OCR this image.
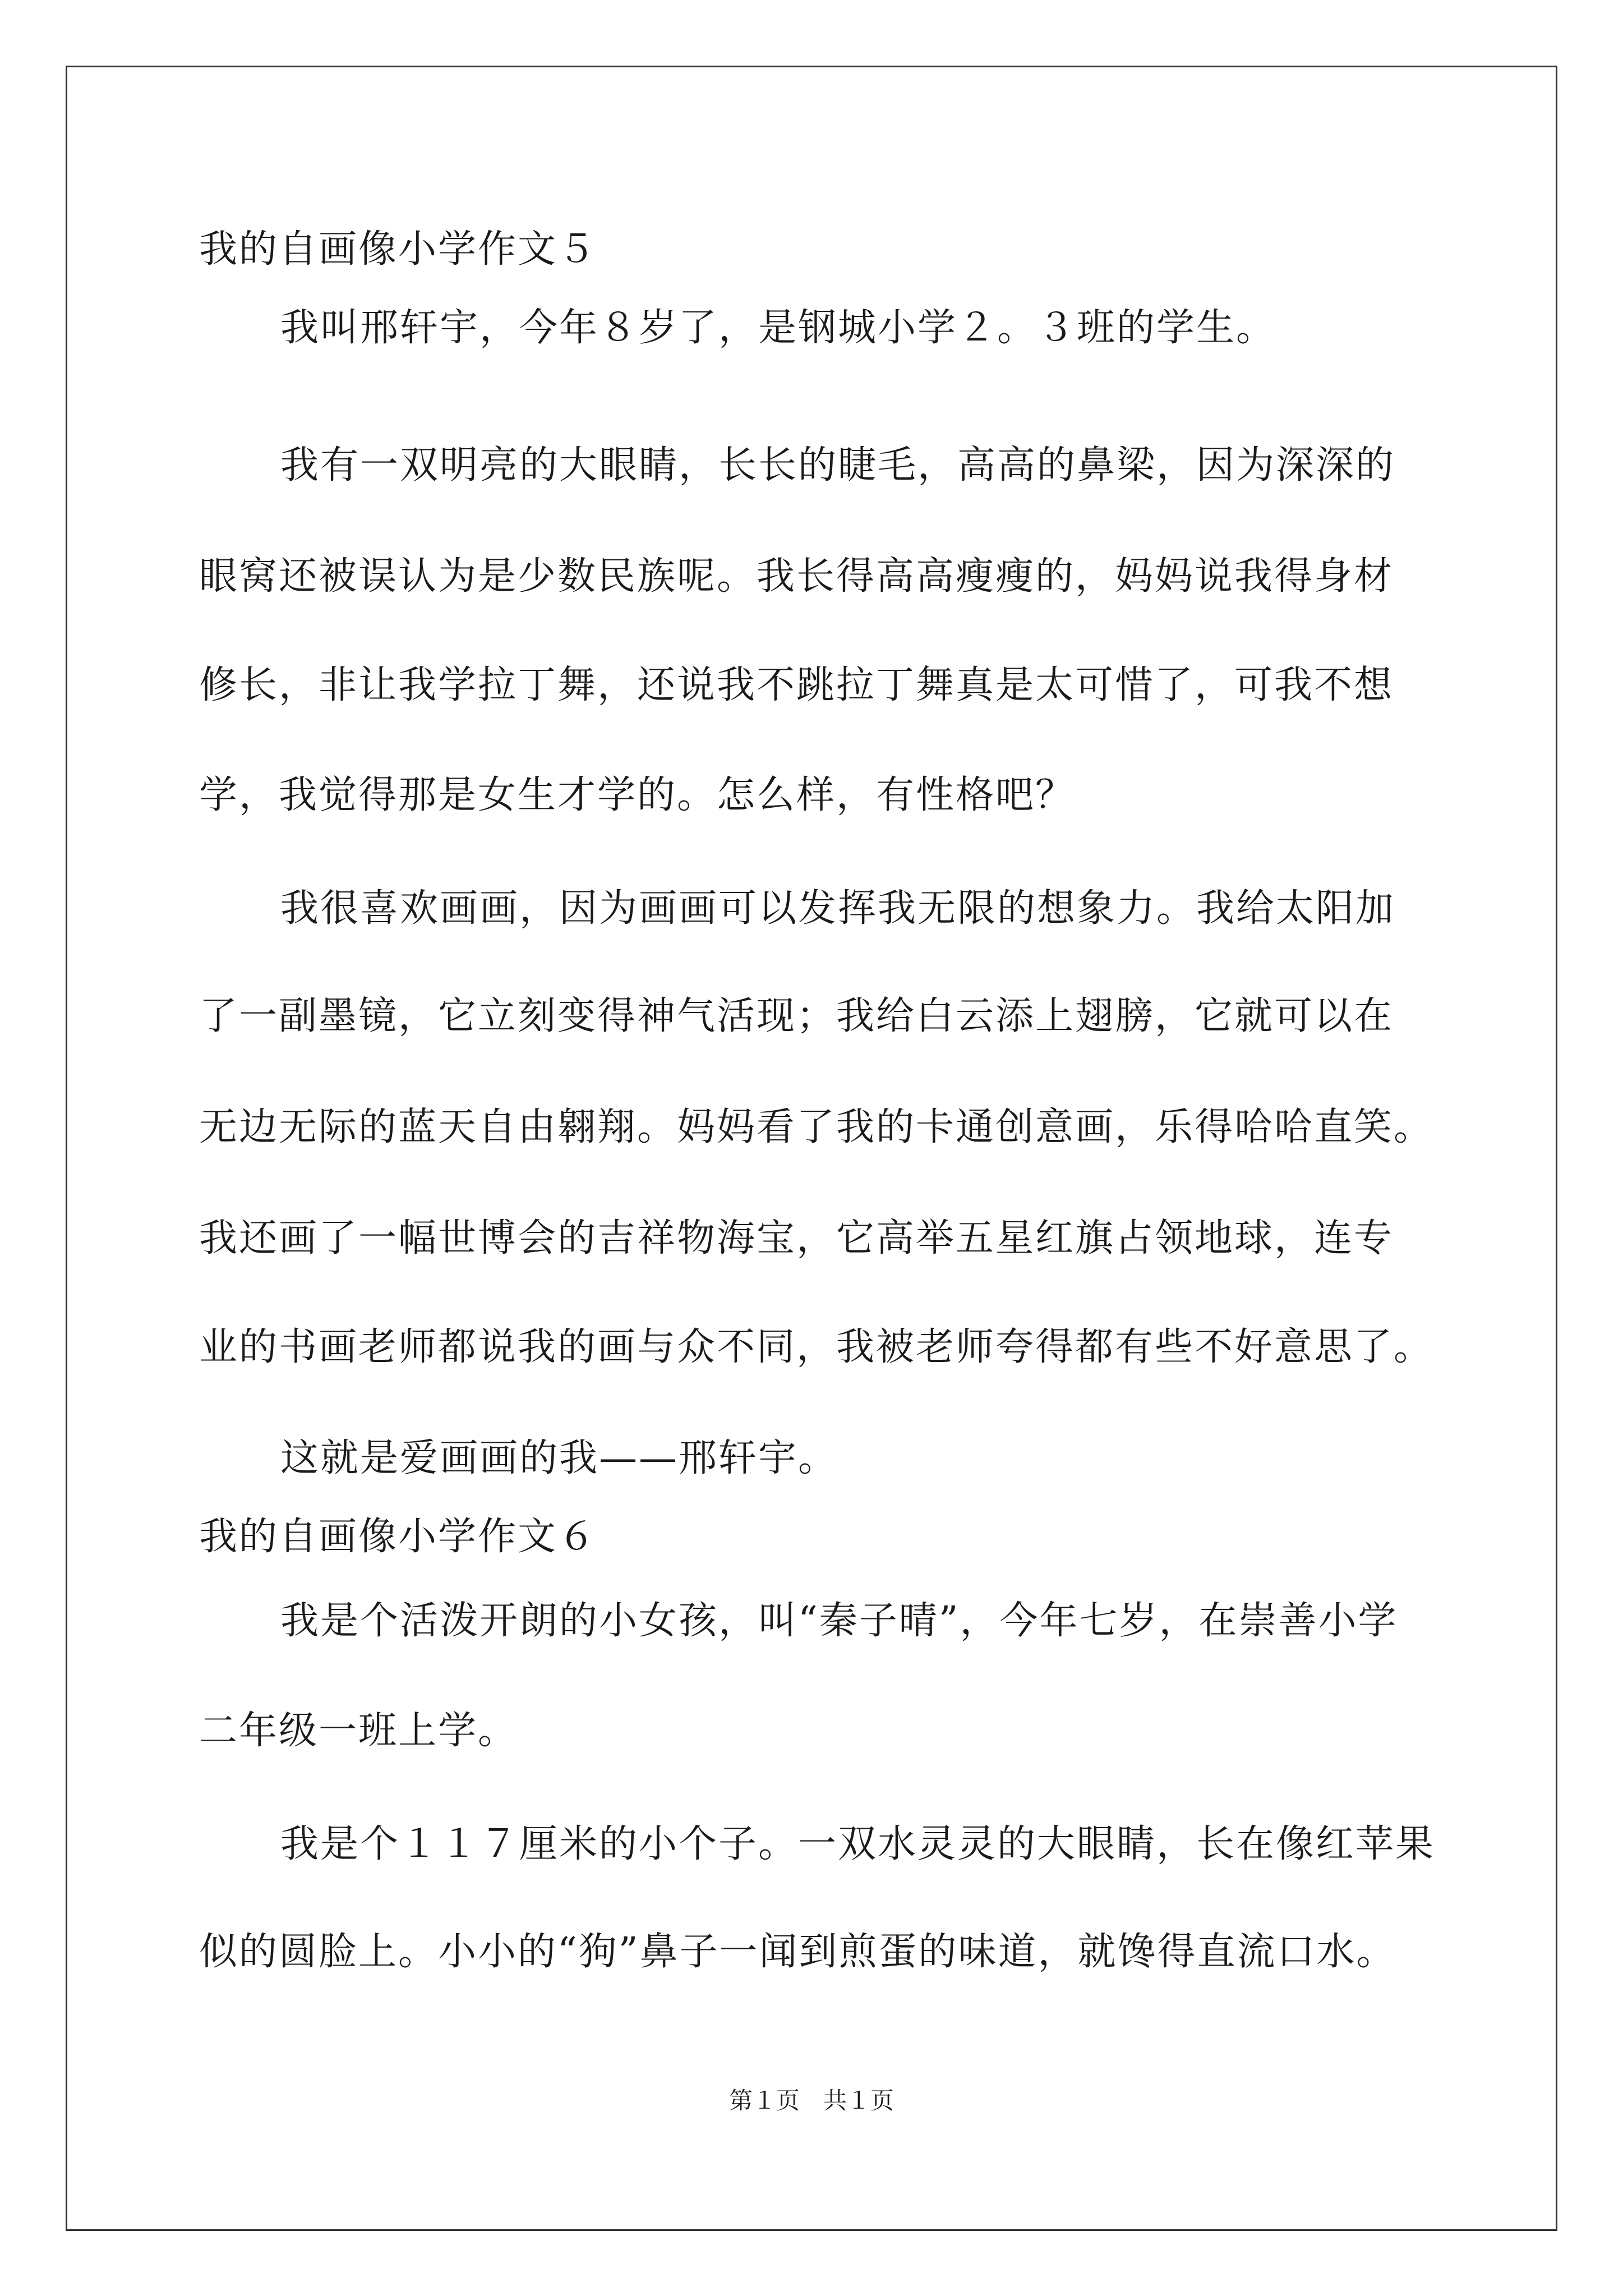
我的自画像小学作文５
我叫邢轩宇，今年８岁了，是钢城小学２。３班的学生。
我有一双明亮的大眼睛，长长的睫毛，高高的鼻梁，因为深深的
眼窝还被误认为是少数民族呢。我长得高高瘦瘦的，妈妈说我得身材
修长，非让我学拉丁舞，还说我不跳拉丁舞真是太可惜了，可我不想
学，我觉得那是女生才学的。怎么样，有性格吧？
我很喜欢画画，因为画画可以发挥我无限的想象力。我给太阳加
了一副墨镜，它立刻变得神气活现；我给白云添上翅膀，它就可以在
无边无际的蓝天自由翱翔。妈妈看了我的卡通创意画，乐得哈哈直笑。
我还画了一幅世博会的吉祥物海宝，它高举五星红旗占领地球，连专
业的书画老师都说我的画与众不同，我被老师夸得都有些不好意思了。
这就是爱画画的我——邢轩宇。
我的自画像小学作文６
我是个活泼开朗的小女孩，叫“秦子晴”，今年七岁，在崇善小学
二年级一班上学。
我是个１１７厘米的小个子。一双水灵灵的大眼睛，长在像红苹果
似的圆脸上。小小的“狗”鼻子一闻到煎蛋的味道，就馋得直流口水。
第１页　共１页
